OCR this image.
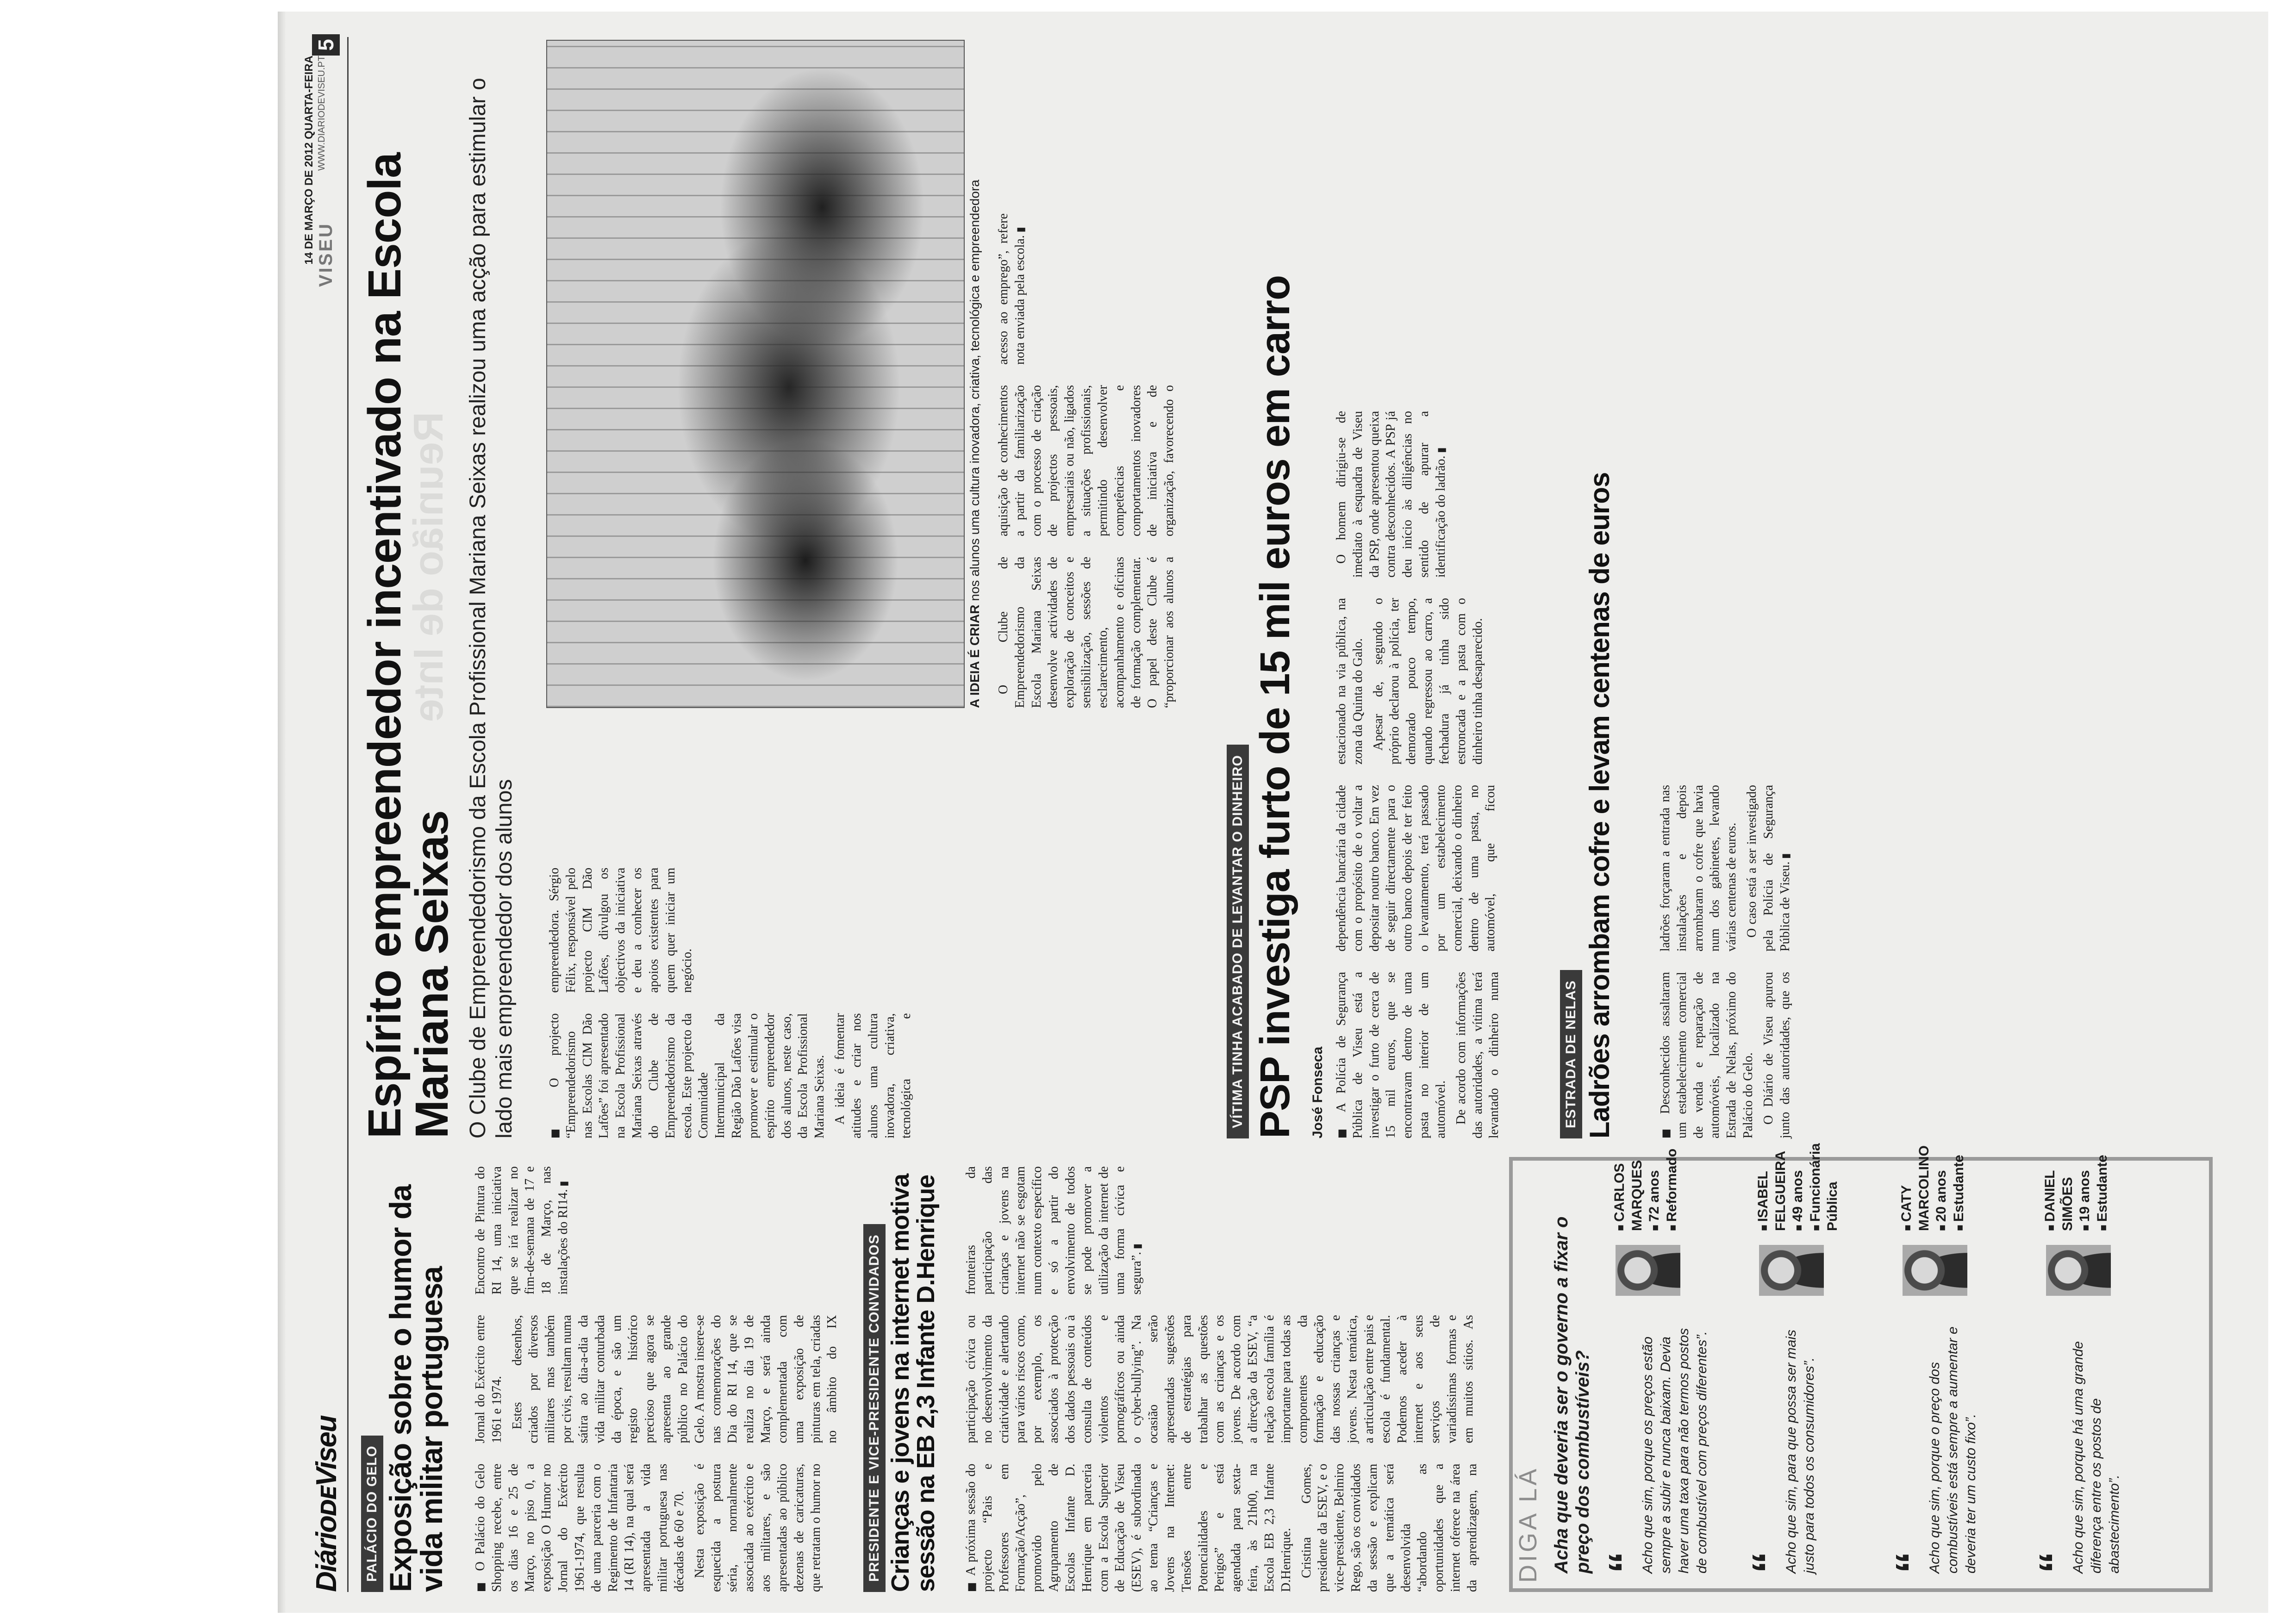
DiárioᴅᴇViseu
VISEU
14 DE MARÇO DE 2012 QUARTA-FEIRA WWW.DIARIODEVISEU.PT
5
PALÁCIO DO GELO Exposição sobre o humor da vida militar portuguesa ■ O Palácio do Gelo Shopping recebe, entre os dias 16 e 25 de Março, no piso 0, a exposição O Humor no Jornal do Exército 1961-1974, que resulta de uma parceria com o Regimento de Infantaria 14 (RI 14), na qual será apresentada a vida militar portuguesa nas décadas de 60 e 70. Nesta exposição é esquecida a postura séria, normalmente associada ao exército e aos militares, e são apresentadas ao público dezenas de caricaturas, que retratam o humor no Jornal do Exército entre 1961 e 1974. Estes desenhos, criados por diversos militares mas também por civis, resultam numa sátira ao dia-a-dia da vida militar conturbada da época, e são um registo histórico precioso que agora se apresenta ao grande público no Palácio do Gelo. A mostra insere-se nas comemorações do Dia do RI 14, que se realiza no dia 19 de Março, e será ainda complementada com uma exposição de pinturas em tela, criadas no âmbito do IX Encontro de Pintura do RI 14, uma iniciativa que se irá realizar no fim-de-semana de 17 e 18 de Março, nas instalações do RI14. ▮	PRESIDENTE E VICE-PRESIDENTE CONVIDADOS Crianças e jovens na internet motiva sessão na EB 2,3 Infante D.Henrique ■ A próxima sessão do projecto “Pais e Professores em Formação/Acção”, promovido pelo Agrupamento de Escolas Infante D. Henrique em parceria com a Escola Superior de Educação de Viseu (ESEV), é subordinada ao tema “Crianças e Jovens na Internet: Tensões entre Potencialidades e Perigos” e está agendada para sexta-feira, às 21h00, na Escola EB 2,3 Infante D.Henrique. Cristina Gomes, presidente da ESEV, e o vice-presidente, Belmiro Rego, são os convidados da sessão e explicam que a temática será desenvolvida “abordando as oportunidades que a internet oferece na área da aprendizagem, na participação cívica ou no desenvolvimento da criatividade e alertando para vários riscos como, por exemplo, os associados à protecção dos dados pessoais ou à consulta de conteúdos violentos e pornográficos ou ainda o cyber-bullying”. Na ocasião serão apresentadas sugestões de estratégias para trabalhar as questões com as crianças e os jovens. De acordo com a direcção da ESEV, “a relação escola família é importante para todas as componentes da formação e educação das nossas crianças e jovens. Nesta temática, a articulação entre pais e escola é fundamental. Podemos aceder à internet e aos seus serviços de variadíssimas formas e em muitos sítios. As fronteiras da participação das crianças e jovens na internet não se esgotam num contexto específico e só a partir do envolvimento de todos se pode promover a utilização da internet de uma forma cívica e segura”. ▮

DIGA LÁ Acha que deveria ser o governo a fixar o preço dos combustíveis? “
Acho que sim, porque os preços estão sempre a subir e nunca baixam. Devia haver uma taxa para não termos postos de combustível com preços diferentes”.
■ CARLOS MARQUES ■ 72 anos ■ Reformado
“
Acho que sim, para que possa ser mais justo para todos os consumidores”.
■ ISABEL FELGUEIRA ■ 49 anos ■ Funcionária Pública
“
Acho que sim, porque o preço dos combustíveis está sempre a aumentar e deveria ter um custo fixo”.
■ CATY MARCOLINO ■ 20 anos ■ Estudante
“
Acho que sim, porque há uma grande diferença entre os postos de abastecimento”.
■ DANIEL SIMÕES ■ 19 anos ■ Estudante
Espírito empreendedor incentivado na Escola Mariana Seixas O Clube de Empreendedorismo da Escola Profissional Mariana Seixas realizou uma acção para estimular o lado mais empreendedor dos alunos
Reunião de Inte

■ O projecto “Empreendedorismo nas Escolas CIM Dão Lafões” foi apresentado na Escola Profissional Mariana Seixas através do Clube de Empreendedorismo da escola. Este projecto da Comunidade Intermunicipal da Região Dão Lafões visa promover e estimular o espírito empreendedor dos alunos, neste caso, da Escola Profissional Mariana Seixas. A ideia é fomentar atitudes e criar nos alunos uma cultura inovadora, criativa, tecnológica e empreendedora. Sérgio Félix, responsável pelo projecto CIM Dão Lafões, divulgou os objectivos da iniciativa e deu a conhecer os apoios existentes para quem quer iniciar um negócio.

A IDEIA É CRIAR nos alunos uma cultura inovadora, criativa, tecnológica e empreendedora

O Clube de Empreendedorismo da Escola Mariana Seixas desenvolve actividades de exploração de conceitos e sensibilização, sessões de esclarecimento, acompanhamento e oficinas de formação complementar. O papel deste Clube é “proporcionar aos alunos a aquisição de conhecimentos a partir da familiarização com o processo de criação de projectos pessoais, empresariais ou não, ligados a situações profissionais, permitindo desenvolver competências e comportamentos inovadores de iniciativa e de organização, favorecendo o acesso ao emprego”, refere nota enviada pela escola. ▮

VÍTIMA TINHA ACABADO DE LEVANTAR O DINHEIRO PSP investiga furto de 15 mil euros em carro José Fonseca ■ A Polícia de Segurança Pública de Viseu está a investigar o furto de cerca de 15 mil euros, que se encontravam dentro de uma pasta no interior de um automóvel. De acordo com informações das autoridades, a vítima terá levantado o dinheiro numa dependência bancária da cidade com o propósito de o voltar a depositar noutro banco. Em vez de seguir directamente para o outro banco depois de ter feito o levantamento, terá passado por um estabelecimento comercial, deixando o dinheiro dentro de uma pasta, no automóvel, que ficou estacionado na via pública, na zona da Quinta do Galo. Apesar de, segundo o próprio declarou à polícia, ter demorado pouco tempo, quando regressou ao carro, a fechadura já tinha sido estroncada e a pasta com o dinheiro tinha desaparecido.

O homem dirigiu-se de imediato à esquadra de Viseu da PSP, onde apresentou queixa contra desconhecidos. A PSP já deu início às diligências no sentido de apurar a identificação do ladrão. ▮

ESTRADA DE NELAS Ladrões arrombam cofre e levam centenas de euros	■ Desconhecidos assaltaram um estabelecimento comercial de venda e reparação de automóveis, localizado na Estrada de Nelas, próximo do Palácio do Gelo. O Diário de Viseu apurou junto das autoridades, que os ladrões forçaram a entrada nas instalações e depois arrombaram o cofre que havia num dos gabinetes, levando várias centenas de euros. O caso está a ser investigado pela Polícia de Segurança Pública de Viseu. ▮
